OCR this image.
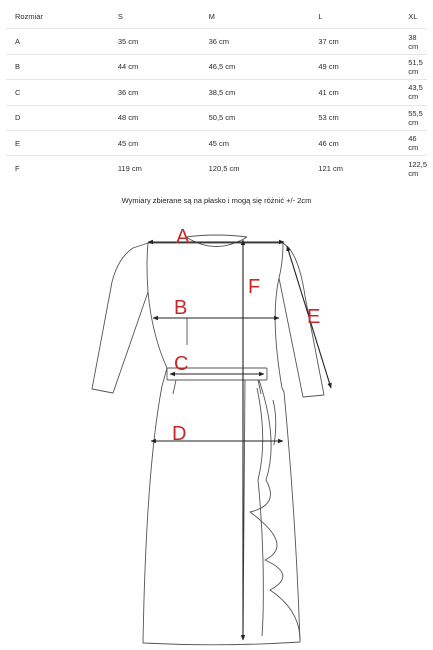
Rozmiar	S	M	L	XL
A	35 cm	36 cm	37 cm	38 cm
B	44 cm	46,5 cm	49 cm	51,5 cm
C	36 cm	38,5 cm	41 cm	43,5 cm
D	48 cm	50,5 cm	53 cm	55,5 cm
E	45 cm	45 cm	46 cm	46 cm
F	119 cm	120,5 cm	121 cm	122,5 cm
Wymiary zbierane są na płasko i mogą się różnić +/- 2cm
A
B
C
D
E
F
